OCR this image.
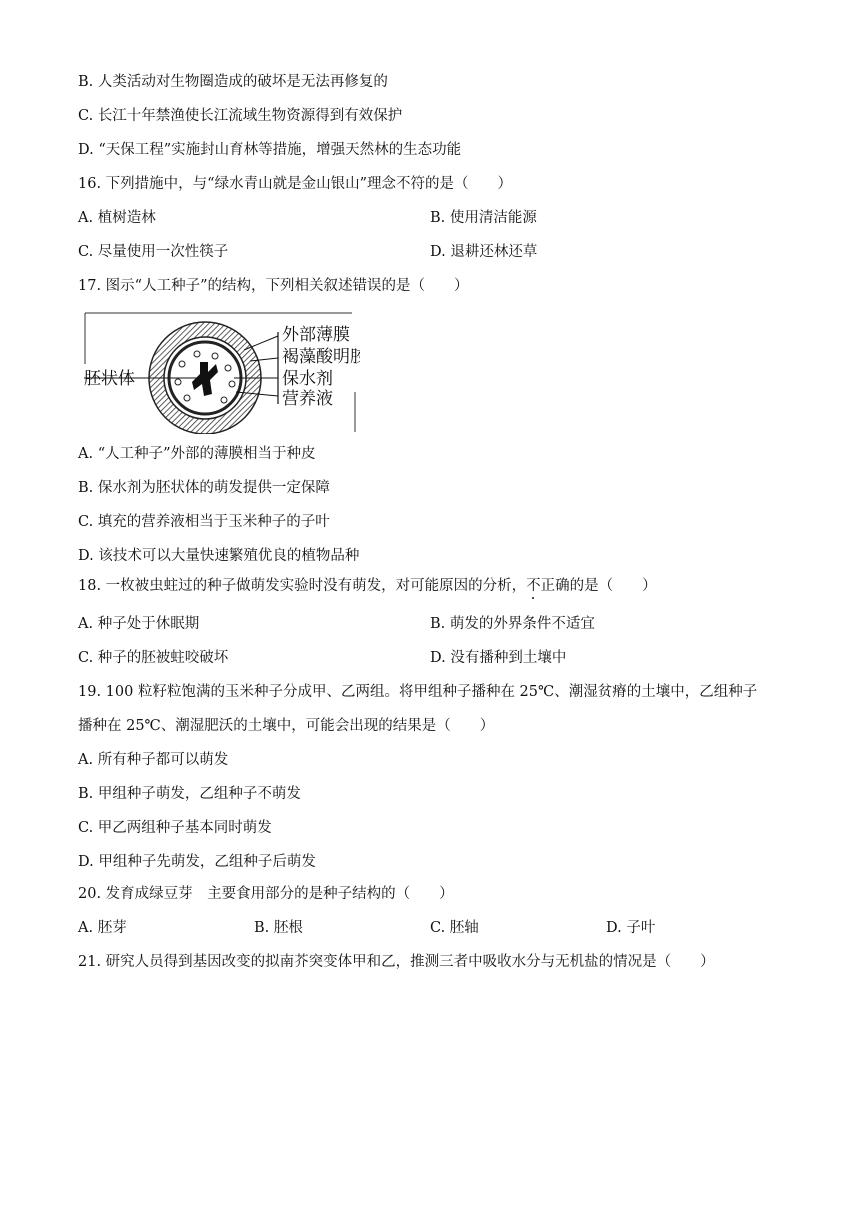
B. 人类活动对生物圈造成的破坏是无法再修复的
C. 长江十年禁渔使长江流域生物资源得到有效保护
D. “天保工程”实施封山育林等措施，增强天然林的生态功能
16. 下列措施中，与“绿水青山就是金山银山”理念不符的是（　　）
A. 植树造林	B. 使用清洁能源
C. 尽量使用一次性筷子	D. 退耕还林还草
17. 图示“人工种子”的结构，下列相关叙述错误的是（　　）
胚状体
外部薄膜
褐藻酸明胶
保水剂
营养液
A. “人工种子”外部的薄膜相当于种皮
B. 保水剂为胚状体的萌发提供一定保障
C. 填充的营养液相当于玉米种子的子叶
D. 该技术可以大量快速繁殖优良的植物品种
18. 一枚被虫蛀过的种子做萌发实验时没有萌发，对可能原因的分析，不正确的是（　　）
A. 种子处于休眠期	B. 萌发的外界条件不适宜
C. 种子的胚被蛀咬破坏	D. 没有播种到土壤中
19. 100 粒籽粒饱满的玉米种子分成甲、乙两组。将甲组种子播种在 25℃、潮湿贫瘠的土壤中，乙组种子
播种在 25℃、潮湿肥沃的土壤中，可能会出现的结果是（　　）
A. 所有种子都可以萌发
B. 甲组种子萌发，乙组种子不萌发
C. 甲乙两组种子基本同时萌发
D. 甲组种子先萌发，乙组种子后萌发
20. 发育成绿豆芽　主要食用部分的是种子结构的（　　）
A. 胚芽	B. 胚根	C. 胚轴	D. 子叶
21. 研究人员得到基因改变的拟南芥突变体甲和乙，推测三者中吸收水分与无机盐的情况是（　　）
